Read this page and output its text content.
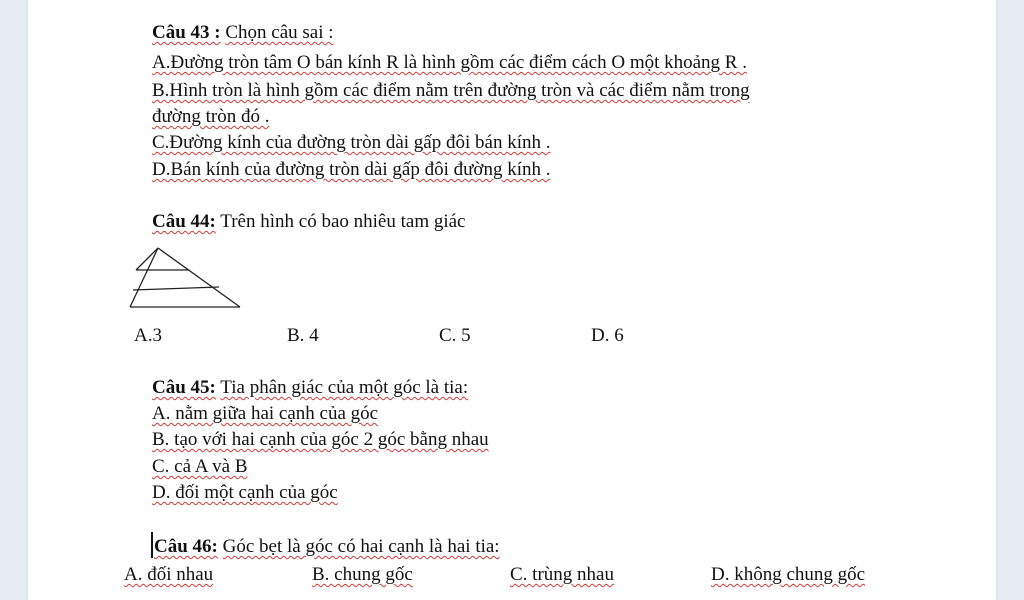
Câu 43 : Chọn câu sai :
A.Đường tròn tâm O bán kính R là hình gồm các điểm cách O một khoảng R .
B.Hình tròn là hình gồm các điểm nằm trên đường tròn và các điểm nằm trong
đường tròn đó .
C.Đường kính của đường tròn dài gấp đôi bán kính .
D.Bán kính của đường tròn dài gấp đôi đường kính .
Câu 44: Trên hình có bao nhiêu tam giác
A.3	B. 4	C. 5	D. 6
Câu 45: Tia phân giác của một góc là tia:
A. nằm giữa hai cạnh của góc
B. tạo với hai cạnh của góc 2 góc bằng nhau
C. cả A và B
D. đối một cạnh của góc
Câu 46: Góc bẹt là góc có hai cạnh là hai tia:
A. đối nhau	B. chung gốc	C. trùng nhau	D. không chung gốc
